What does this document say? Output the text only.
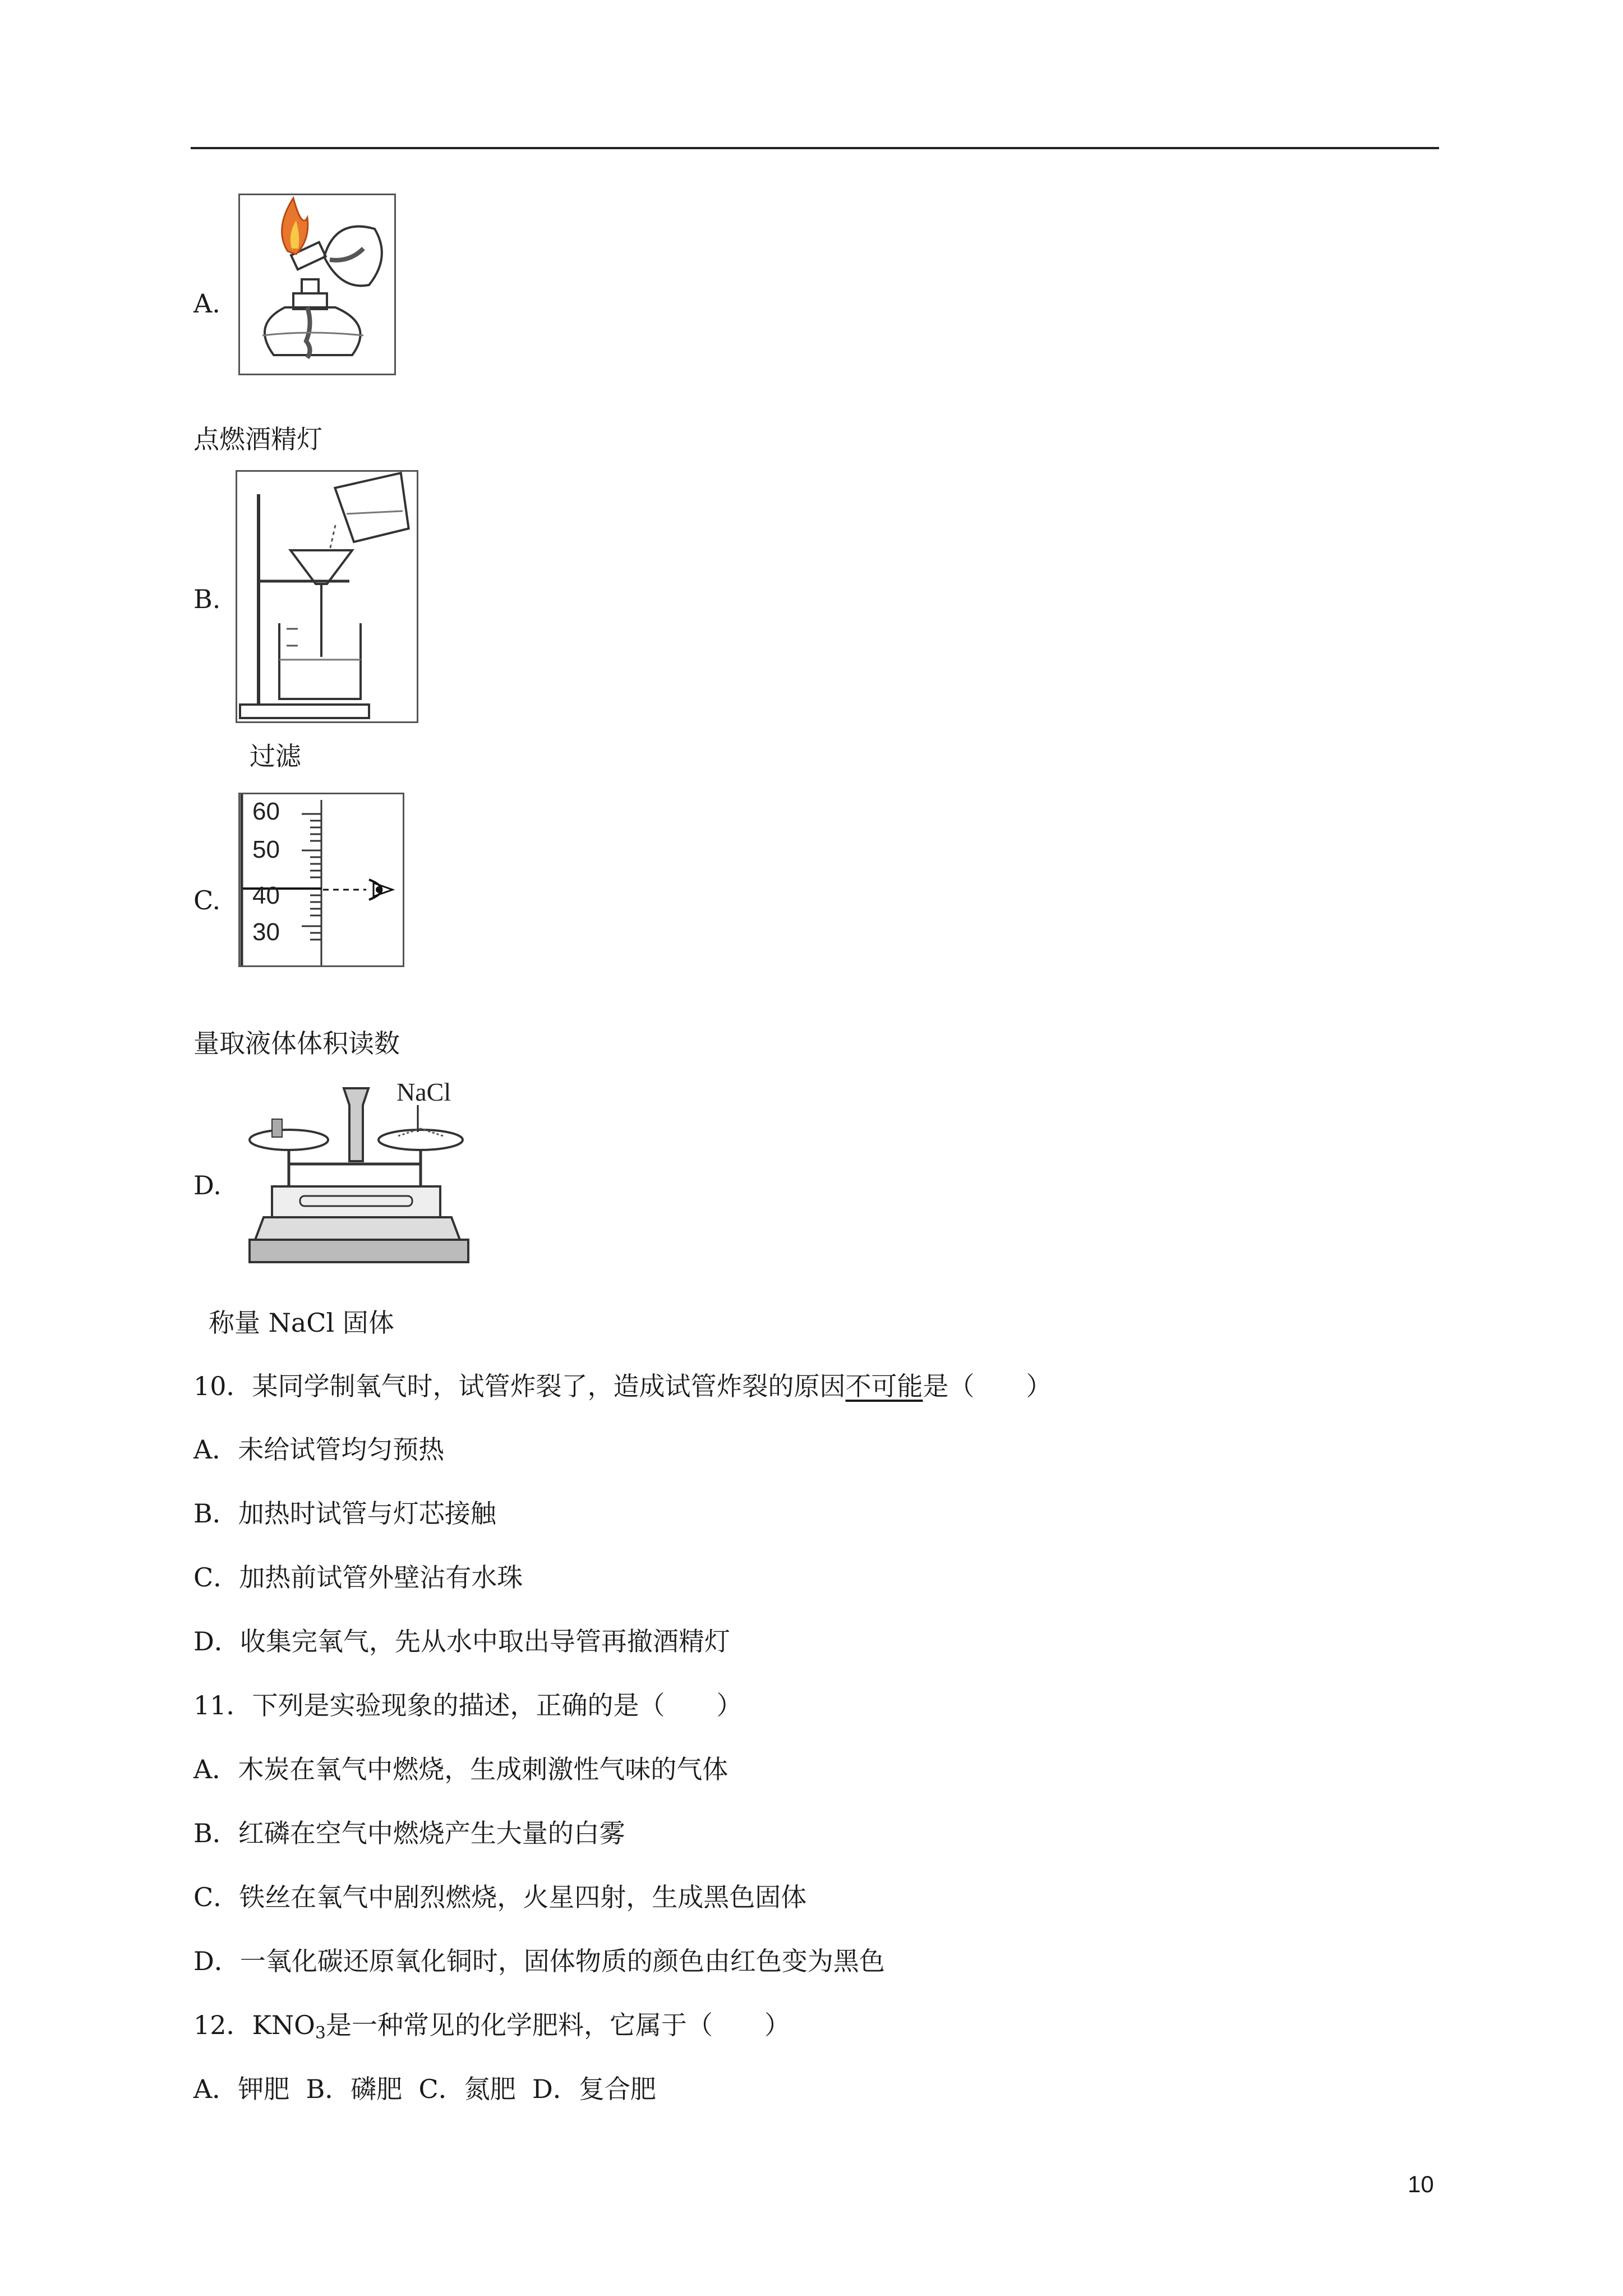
A.
点燃酒精灯
B.
过滤
C.
60
50
40
30
量取液体体积读数
D.
NaCl
称量 NaCl 固体
10．某同学制氧气时，试管炸裂了，造成试管炸裂的原因不可能是（　　）
A．未给试管均匀预热
B．加热时试管与灯芯接触
C．加热前试管外壁沾有水珠
D．收集完氧气，先从水中取出导管再撤酒精灯
11．下列是实验现象的描述，正确的是（　　）
A．木炭在氧气中燃烧，生成刺激性气味的气体
B．红磷在空气中燃烧产生大量的白雾
C．铁丝在氧气中剧烈燃烧，火星四射，生成黑色固体
D．一氧化碳还原氧化铜时，固体物质的颜色由红色变为黑色
12．$KNO_3$是一种常见的化学肥料，它属于（　　）
A．钾肥  B．磷肥  C．氮肥  D．复合肥
10
